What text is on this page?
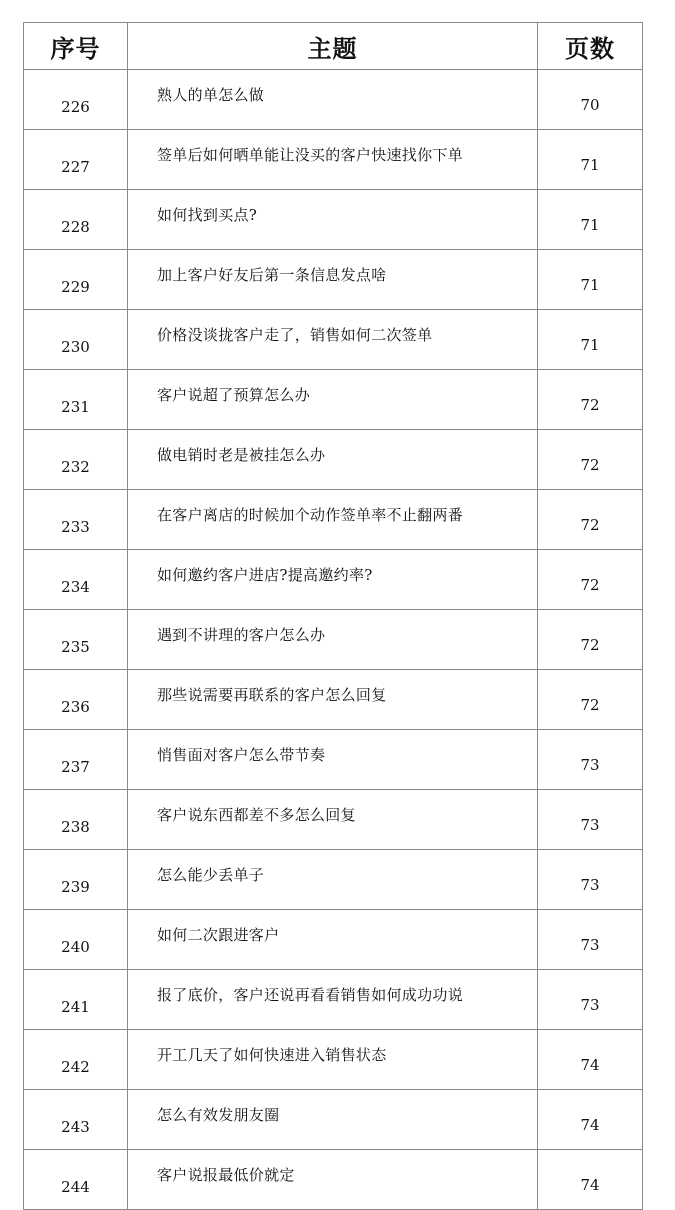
序号	主题	页数
226	熟人的单怎么做	70
227	签单后如何晒单能让没买的客户快速找你下单	71
228	如何找到买点?	71
229	加上客户好友后第一条信息发点啥	71
230	价格没谈拢客户走了，销售如何二次签单	71
231	客户说超了预算怎么办	72
232	做电销时老是被挂怎么办	72
233	在客户离店的时候加个动作签单率不止翻两番	72
234	如何邀约客户进店?提高邀约率?	72
235	遇到不讲理的客户怎么办	72
236	那些说需要再联系的客户怎么回复	72
237	悄售面对客户怎么带节奏	73
238	客户说东西都差不多怎么回复	73
239	怎么能少丢单子	73
240	如何二次跟进客户	73
241	报了底价，客户还说再看看销售如何成功功说	73
242	开工几天了如何快速进入销售状态	74
243	怎么有效发朋友圈	74
244	客户说报最低价就定	74
